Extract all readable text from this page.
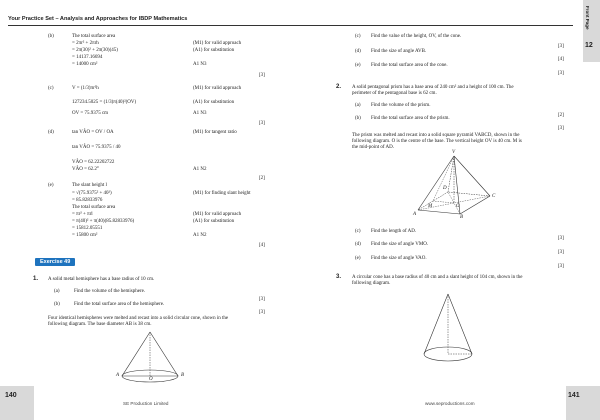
Your Practice Set – Analysis and Approaches for IBDP Mathematics	Front Page
12
(b)	The total surface area
= 2πr² + 2πrh	(M1) for valid approach
= 2π(30)² + 2π(30)(45)	(A1) for substitution
= 14137.16694
= 14000 cm²	A1 N3
[3]
(c)	V = (1/3)πr²h	(M1) for valid approach
127234.5025 = (1/3)π(40)²(OV)	(A1) for substitution
OV = 75.9375 cm	A1 N3
[3]
(d)	tan VÂO = OV / OA	(M1) for tangent ratio
tan VÂO = 75.9375 / 40
VÂO = 62.22202722
VÂO = 62.2°	A1 N2
[2]
(e)	The slant height l
= √(75.9375² + 40²)	(M1) for finding slant height
= 85.82833976
The total surface area
= πr² + πrl	(M1) for valid approach
= π(40)² + π(40)(85.82833976)	(A1) for substitution
= 15812.05551
= 15800 cm²	A1 N2
[4]
Exercise 49
1. A solid metal hemisphere has a base radius of 10 cm.
(a)	Find the volume of the hemisphere.
[3]
(b)	Find the total surface area of the hemisphere.
[3]
Four identical hemispheres were melted and recast into a solid circular cone, shown in the
following diagram. The base diameter AB is 38 cm.
A	B
O
(c) Find the value of the height, OV, of the cone.
[3]
(d) Find the size of angle AVB.
[4]
(e) Find the total surface area of the cone.
[3]
2. A solid pentagonal prism has a base area of 240 cm² and a height of 100 cm. The
perimeter of the pentagonal base is 62 cm.
(a) Find the volume of the prism.
[2]
(b) Find the total surface area of the prism.
[3]
The prism was melted and recast into a solid square pyramid VABCD, shown in the
following diagram. O is the centre of the base. The vertical height OV is 40 cm. M is
the mid-point of AD.
V
A
B
C
D
M	O
(c) Find the length of AD.
[3]
(d) Find the size of angle VMO.
[3]
(e) Find the size of angle VAO.
[3]
3. A circular cone has a base radius of 40 cm and a slant height of 104 cm, shown in the
following diagram.
140
SE Production Limited
141
www.seproductions.com
